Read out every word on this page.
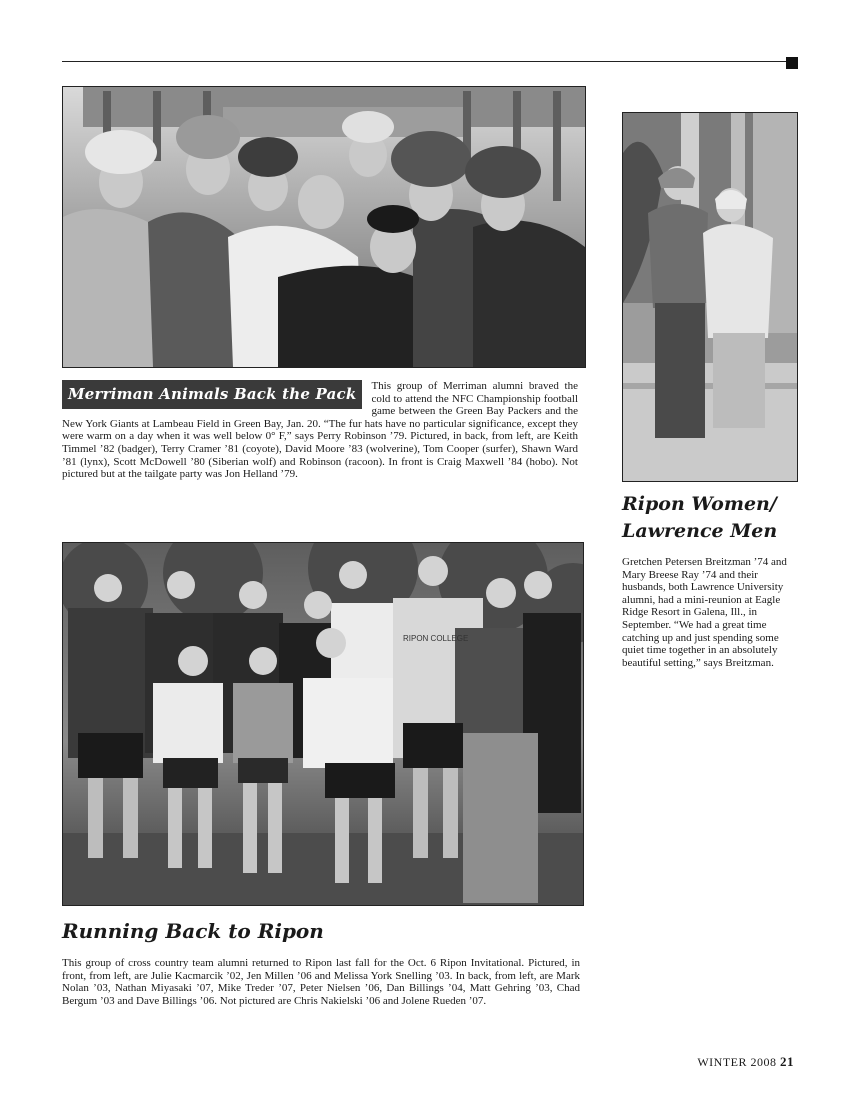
Merriman Animals Back the Pack	This group of Merriman alumni braved the cold to attend the NFC Championship football game between the Green Bay Packers and the New York Giants at Lambeau Field in Green Bay, Jan. 20. “The fur hats have no particular significance, except they were warm on a day when it was well below 0° F,” says Perry Robinson ’79. Pictured, in back, from left, are Keith Timmel ’82 (badger), Terry Cramer ’81 (coyote), David Moore ’83 (wolverine), Tom Cooper (surfer), Shawn Ward ’81 (lynx), Scott McDowell ’80 (Siberian wolf) and Robinson (racoon). In front is Craig Maxwell ’84 (hobo). Not pictured but at the tailgate party was Jon Helland ’79.
Ripon Women/
Lawrence Men
Gretchen Petersen Breitzman ’74 and Mary Breese Ray ’74 and their husbands, both Lawrence University alumni, had a mini-reunion at Eagle Ridge Resort in Galena, Ill., in September. “We had a great time catching up and just spending some quiet time together in an absolutely beautiful setting,” says Breitzman.
RIPON COLLEGE
Running Back to Ripon
This group of cross country team alumni returned to Ripon last fall for the Oct. 6 Ripon Invitational. Pictured, in front, from left, are Julie Kacmarcik ’02, Jen Millen ’06 and Melissa York Snelling ’03. In back, from left, are Mark Nolan ’03, Nathan Miyasaki ’07, Mike Treder ’07, Peter Nielsen ’06, Dan Billings ’04, Matt Gehring ’03, Chad Bergum ’03 and Dave Billings ’06. Not pictured are Chris Nakielski ’06 and Jolene Rueden ’07.
WINTER 2008 21
